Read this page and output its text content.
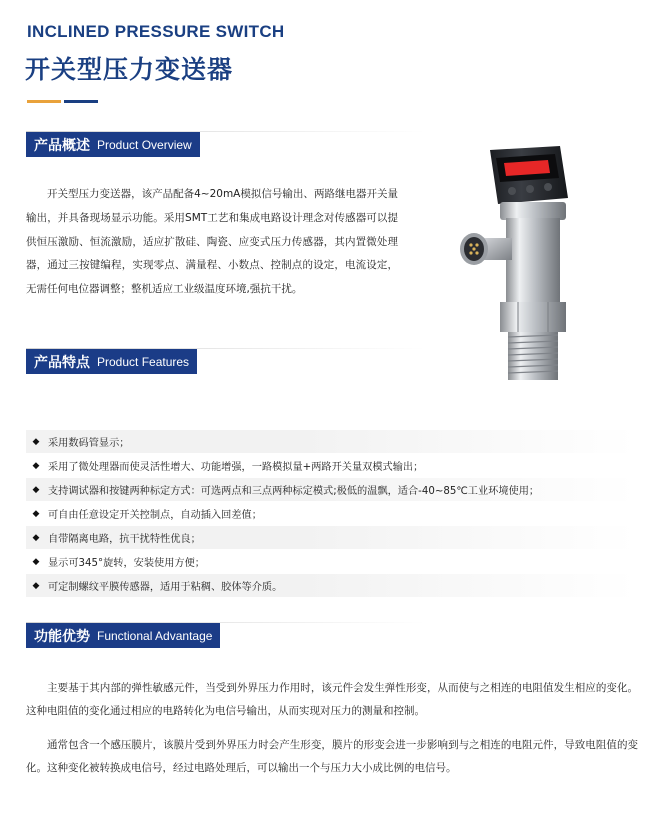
INCLINED PRESSURE SWITCH
开关型压力变送器
产品概述 Product Overview
开关型压力变送器，该产品配备4~20mA模拟信号输出、两路继电器开关量输出，并具备现场显示功能。采用SMT工艺和集成电路设计理念对传感器可以提供恒压激励、恒流激励，适应扩散硅、陶瓷、应变式压力传感器，其内置微处理器，通过三按键编程，实现零点、满量程、小数点、控制点的设定，电流设定，无需任何电位器调整；整机适应工业级温度环境,强抗干扰。
产品特点 Product Features
◆ 采用数码管显示；
◆ 采用了微处理器而使灵活性增大、功能增强，一路模拟量+两路开关量双模式输出；
◆ 支持调试器和按键两种标定方式：可选两点和三点两种标定模式;极低的温飘，适合-40~85℃工业环境使用；
◆ 可自由任意设定开关控制点，自动插入回差值；
◆ 自带隔离电路，抗干扰特性优良；
◆ 显示可345°旋转，安装使用方便；
◆ 可定制螺纹平膜传感器，适用于粘稠、胶体等介质。
功能优势 Functional Advantage
主要基于其内部的弹性敏感元件，当受到外界压力作用时，该元件会发生弹性形变，从而使与之相连的电阻值发生相应的变化。这种电阻值的变化通过相应的电路转化为电信号输出，从而实现对压力的测量和控制。
通常包含一个感压膜片，该膜片受到外界压力时会产生形变，膜片的形变会进一步影响到与之相连的电阻元件，导致电阻值的变化。这种变化被转换成电信号，经过电路处理后，可以输出一个与压力大小成比例的电信号。
